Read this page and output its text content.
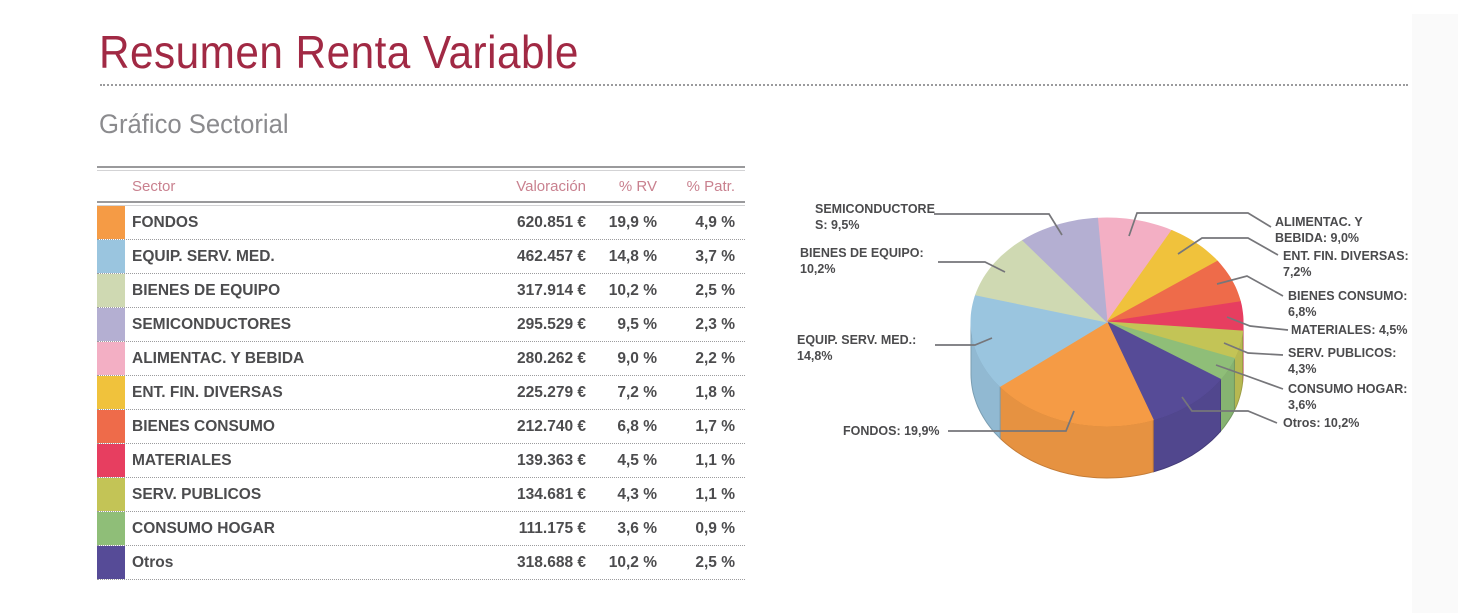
Resumen Renta Variable
Gráfico Sectorial
Sector	Valoración	% RV	% Patr.
FONDOS	620.851 €	19,9 %	4,9 %
EQUIP. SERV. MED.	462.457 €	14,8 %	3,7 %
BIENES DE EQUIPO	317.914 €	10,2 %	2,5 %
SEMICONDUCTORES	295.529 €	9,5 %	2,3 %
ALIMENTAC. Y BEBIDA	280.262 €	9,0 %	2,2 %
ENT. FIN. DIVERSAS	225.279 €	7,2 %	1,8 %
BIENES CONSUMO	212.740 €	6,8 %	1,7 %
MATERIALES	139.363 €	4,5 %	1,1 %
SERV. PUBLICOS	134.681 €	4,3 %	1,1 %
CONSUMO HOGAR	111.175 €	3,6 %	0,9 %
Otros	318.688 €	10,2 %	2,5 %
ALIMENTAC. Y
BEBIDA: 9,0%
ENT. FIN. DIVERSAS:
7,2%
BIENES CONSUMO:
6,8%
MATERIALES: 4,5%
SERV. PUBLICOS:
4,3%
CONSUMO HOGAR:
3,6%
Otros: 10,2%
FONDOS: 19,9%
EQUIP. SERV. MED.:
14,8%
BIENES DE EQUIPO:
10,2%
SEMICONDUCTORE
S: 9,5%
